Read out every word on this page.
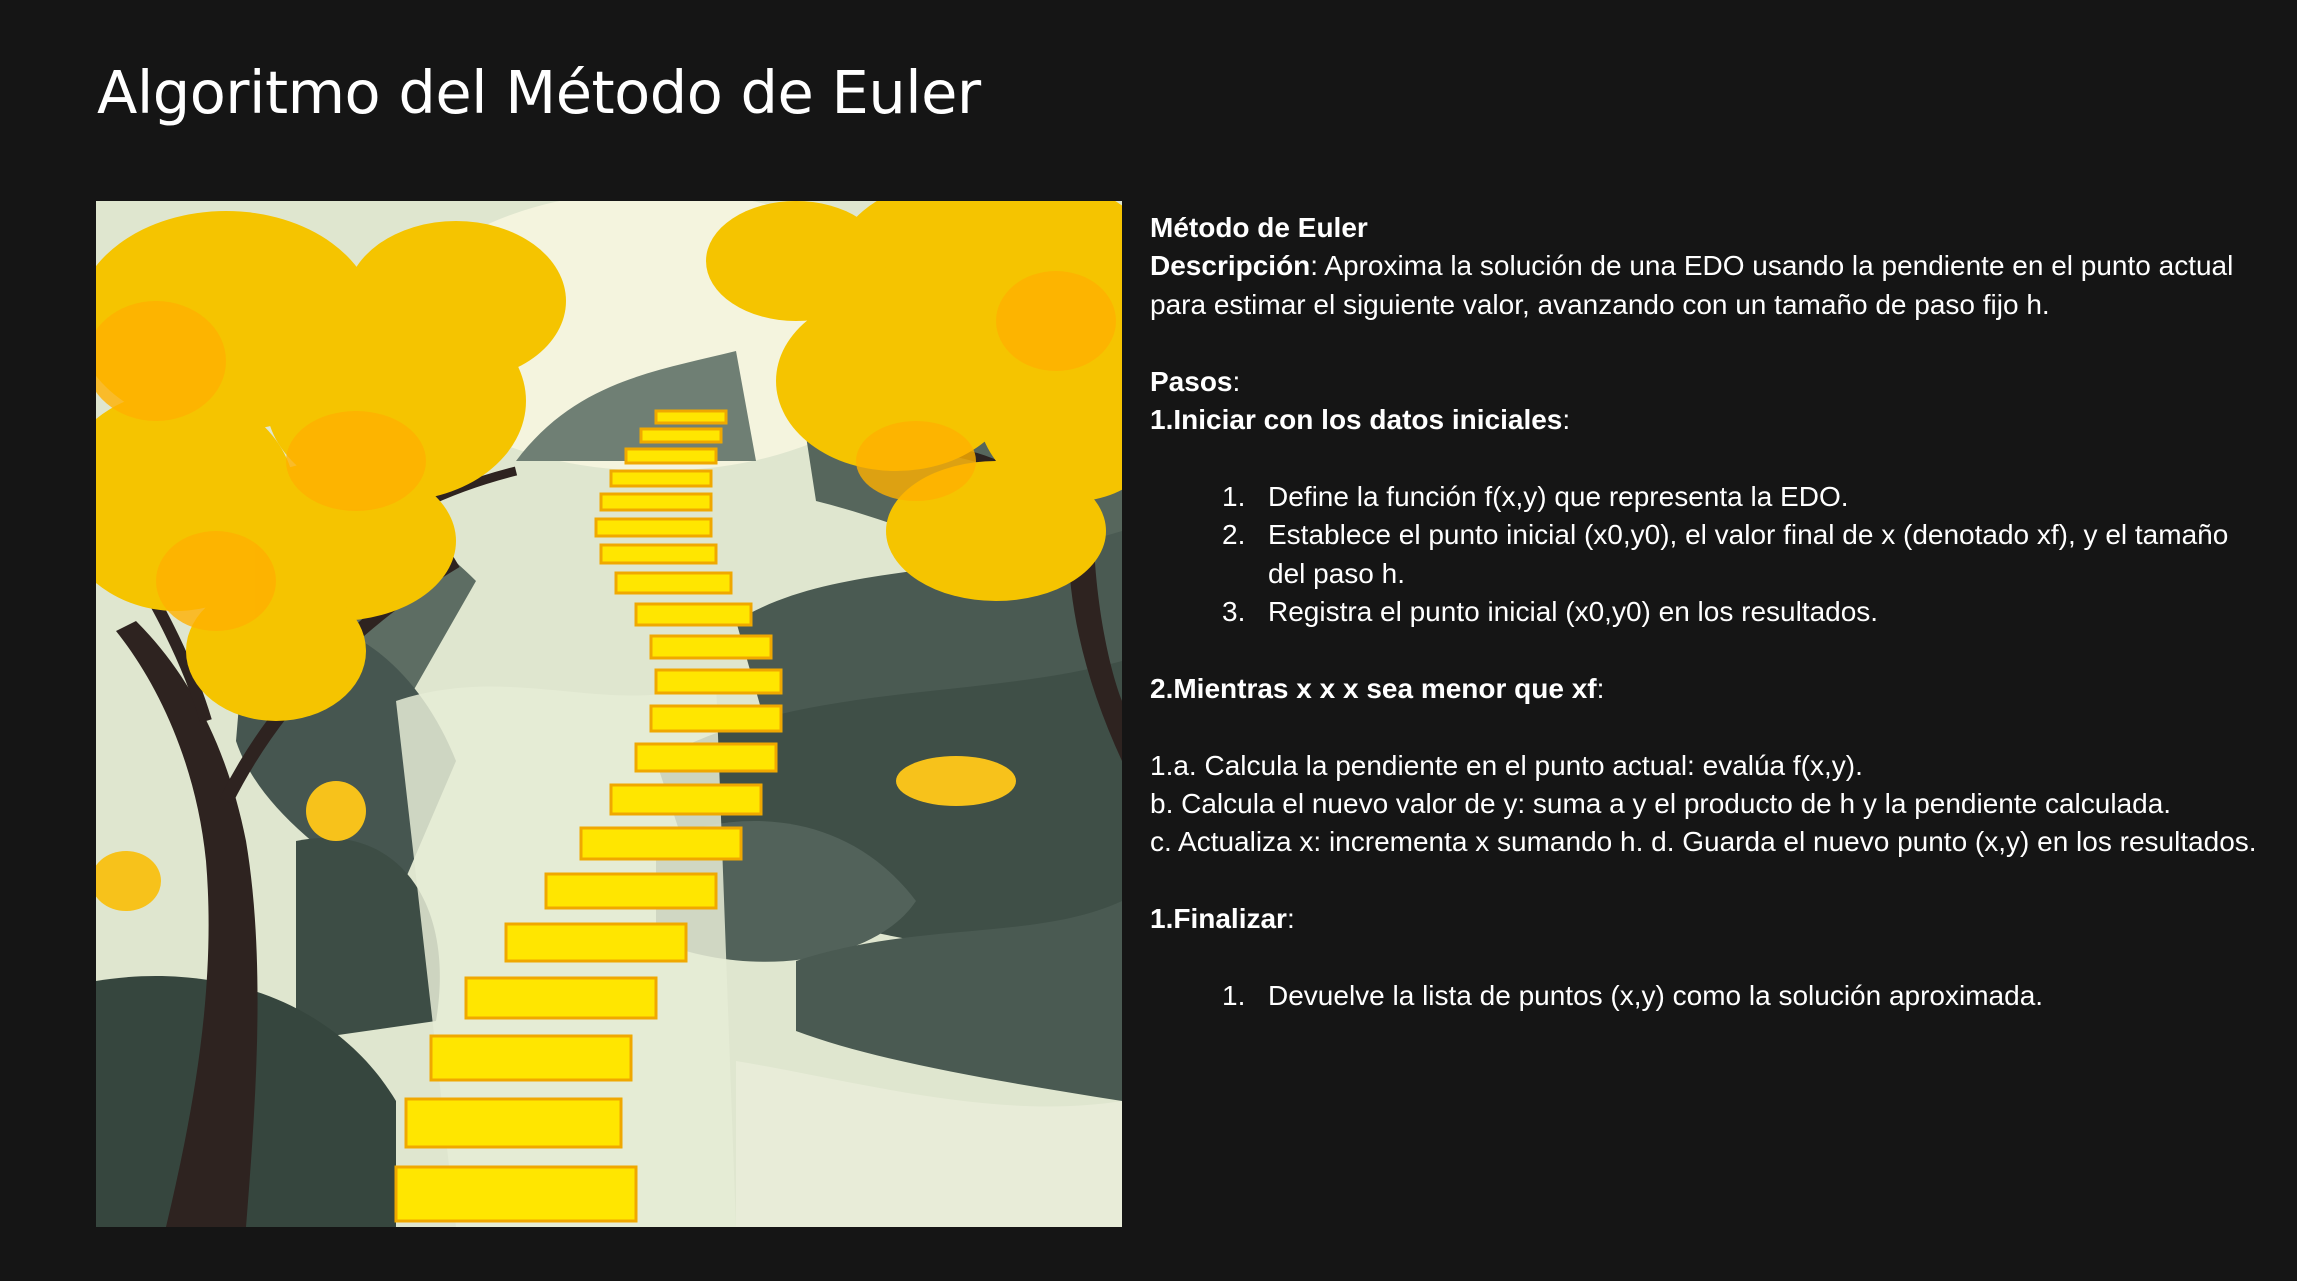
Algoritmo del Método de Euler

Método de Euler

Descripción: Aproxima la solución de una EDO usando la pendiente en el punto actual para estimar el siguiente valor, avanzando con un tamaño de paso fijo h.

Pasos:

1.Iniciar con los datos iniciales:

1. Define la función f(x,y) que representa la EDO.
2. Establece el punto inicial (x0,y0), el valor final de x (denotado xf), y el tamaño del paso h.
3. Registra el punto inicial (x0,y0) en los resultados.

2.Mientras x x x sea menor que xf:

1.a. Calcula la pendiente en el punto actual: evalúa f(x,y).

b. Calcula el nuevo valor de y: suma a y el producto de h y la pendiente calculada.

c. Actualiza x: incrementa x sumando h. d. Guarda el nuevo punto (x,y) en los resultados.

1.Finalizar:

1. Devuelve la lista de puntos (x,y) como la solución aproximada.
